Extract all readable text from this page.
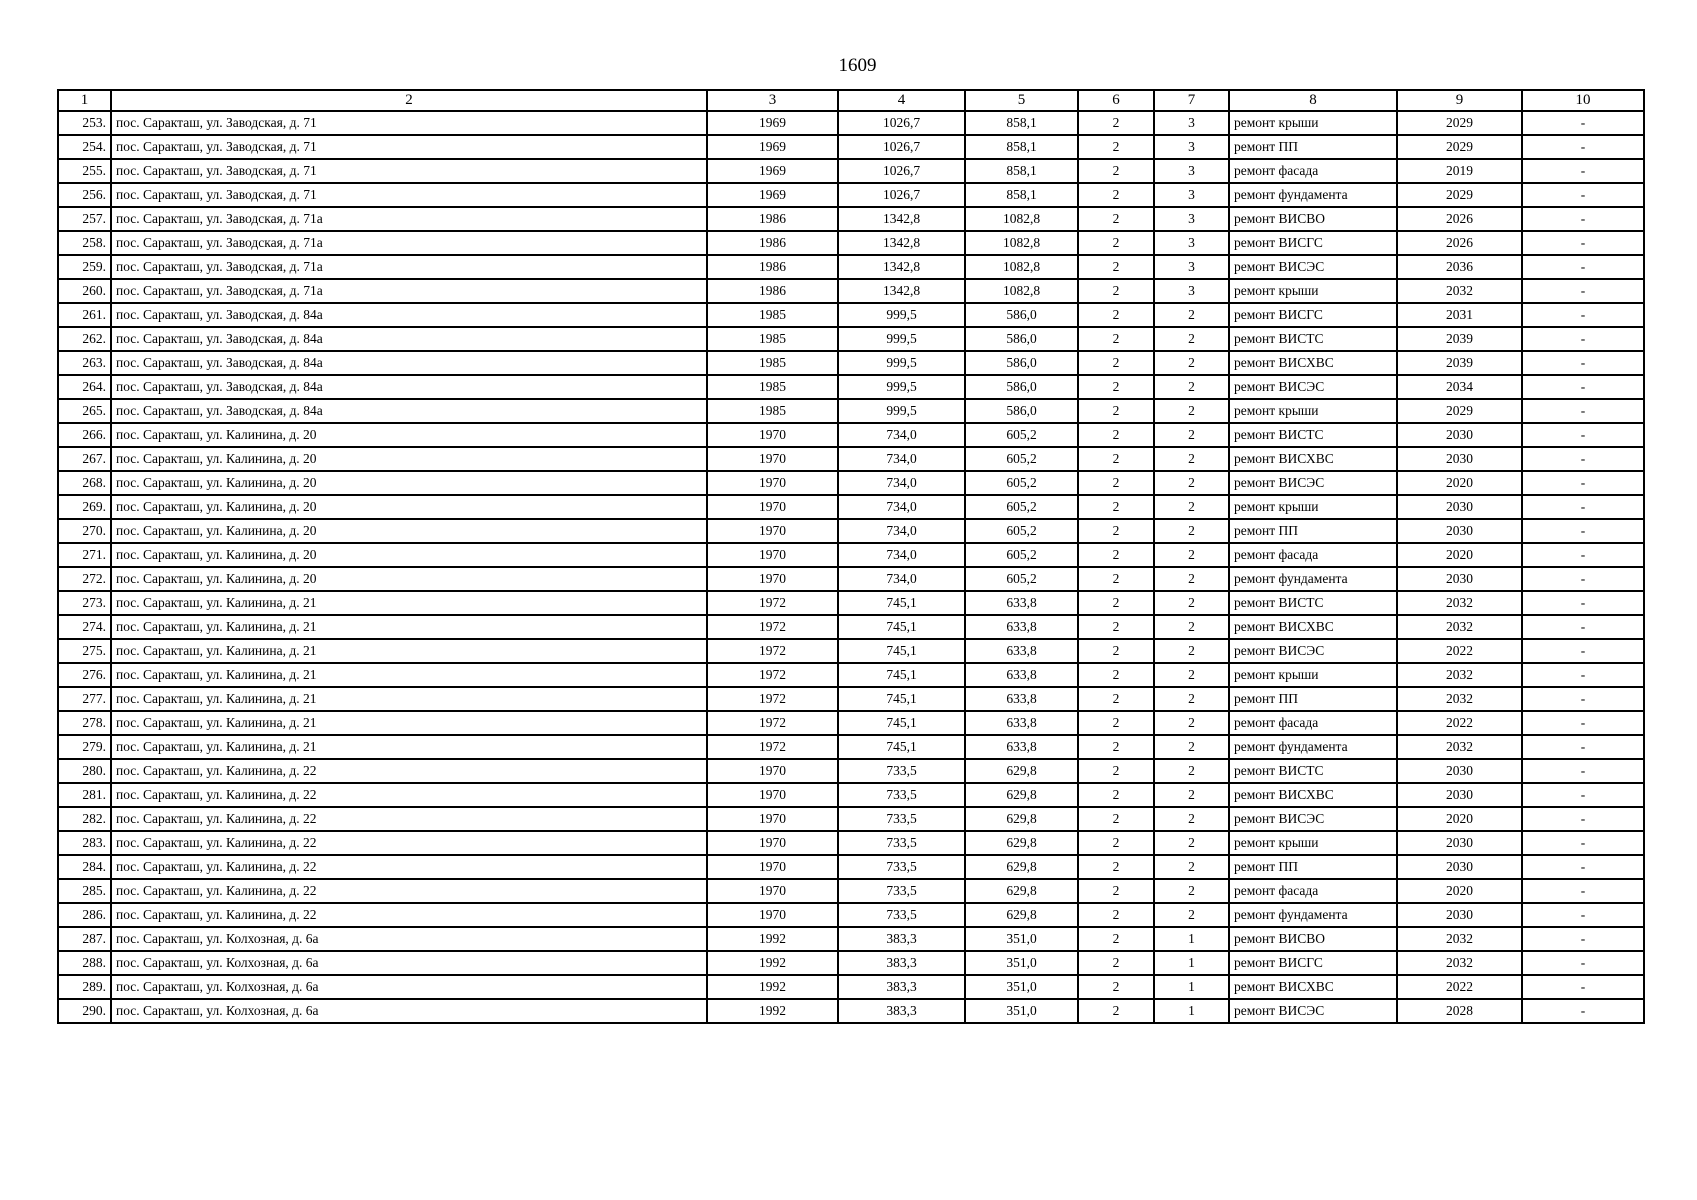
1609
1	2	3	4	5	6	7	8	9	10
253.	пос. Саракташ, ул. Заводская, д. 71	1969	1026,7	858,1	2	3	ремонт крыши	2029	-
254.	пос. Саракташ, ул. Заводская, д. 71	1969	1026,7	858,1	2	3	ремонт ПП	2029	-
255.	пос. Саракташ, ул. Заводская, д. 71	1969	1026,7	858,1	2	3	ремонт фасада	2019	-
256.	пос. Саракташ, ул. Заводская, д. 71	1969	1026,7	858,1	2	3	ремонт фундамента	2029	-
257.	пос. Саракташ, ул. Заводская, д. 71а	1986	1342,8	1082,8	2	3	ремонт ВИСВО	2026	-
258.	пос. Саракташ, ул. Заводская, д. 71а	1986	1342,8	1082,8	2	3	ремонт ВИСГС	2026	-
259.	пос. Саракташ, ул. Заводская, д. 71а	1986	1342,8	1082,8	2	3	ремонт ВИСЭС	2036	-
260.	пос. Саракташ, ул. Заводская, д. 71а	1986	1342,8	1082,8	2	3	ремонт крыши	2032	-
261.	пос. Саракташ, ул. Заводская, д. 84а	1985	999,5	586,0	2	2	ремонт ВИСГС	2031	-
262.	пос. Саракташ, ул. Заводская, д. 84а	1985	999,5	586,0	2	2	ремонт ВИСТС	2039	-
263.	пос. Саракташ, ул. Заводская, д. 84а	1985	999,5	586,0	2	2	ремонт ВИСХВС	2039	-
264.	пос. Саракташ, ул. Заводская, д. 84а	1985	999,5	586,0	2	2	ремонт ВИСЭС	2034	-
265.	пос. Саракташ, ул. Заводская, д. 84а	1985	999,5	586,0	2	2	ремонт крыши	2029	-
266.	пос. Саракташ, ул. Калинина, д. 20	1970	734,0	605,2	2	2	ремонт ВИСТС	2030	-
267.	пос. Саракташ, ул. Калинина, д. 20	1970	734,0	605,2	2	2	ремонт ВИСХВС	2030	-
268.	пос. Саракташ, ул. Калинина, д. 20	1970	734,0	605,2	2	2	ремонт ВИСЭС	2020	-
269.	пос. Саракташ, ул. Калинина, д. 20	1970	734,0	605,2	2	2	ремонт крыши	2030	-
270.	пос. Саракташ, ул. Калинина, д. 20	1970	734,0	605,2	2	2	ремонт ПП	2030	-
271.	пос. Саракташ, ул. Калинина, д. 20	1970	734,0	605,2	2	2	ремонт фасада	2020	-
272.	пос. Саракташ, ул. Калинина, д. 20	1970	734,0	605,2	2	2	ремонт фундамента	2030	-
273.	пос. Саракташ, ул. Калинина, д. 21	1972	745,1	633,8	2	2	ремонт ВИСТС	2032	-
274.	пос. Саракташ, ул. Калинина, д. 21	1972	745,1	633,8	2	2	ремонт ВИСХВС	2032	-
275.	пос. Саракташ, ул. Калинина, д. 21	1972	745,1	633,8	2	2	ремонт ВИСЭС	2022	-
276.	пос. Саракташ, ул. Калинина, д. 21	1972	745,1	633,8	2	2	ремонт крыши	2032	-
277.	пос. Саракташ, ул. Калинина, д. 21	1972	745,1	633,8	2	2	ремонт ПП	2032	-
278.	пос. Саракташ, ул. Калинина, д. 21	1972	745,1	633,8	2	2	ремонт фасада	2022	-
279.	пос. Саракташ, ул. Калинина, д. 21	1972	745,1	633,8	2	2	ремонт фундамента	2032	-
280.	пос. Саракташ, ул. Калинина, д. 22	1970	733,5	629,8	2	2	ремонт ВИСТС	2030	-
281.	пос. Саракташ, ул. Калинина, д. 22	1970	733,5	629,8	2	2	ремонт ВИСХВС	2030	-
282.	пос. Саракташ, ул. Калинина, д. 22	1970	733,5	629,8	2	2	ремонт ВИСЭС	2020	-
283.	пос. Саракташ, ул. Калинина, д. 22	1970	733,5	629,8	2	2	ремонт крыши	2030	-
284.	пос. Саракташ, ул. Калинина, д. 22	1970	733,5	629,8	2	2	ремонт ПП	2030	-
285.	пос. Саракташ, ул. Калинина, д. 22	1970	733,5	629,8	2	2	ремонт фасада	2020	-
286.	пос. Саракташ, ул. Калинина, д. 22	1970	733,5	629,8	2	2	ремонт фундамента	2030	-
287.	пос. Саракташ, ул. Колхозная, д. 6а	1992	383,3	351,0	2	1	ремонт ВИСВО	2032	-
288.	пос. Саракташ, ул. Колхозная, д. 6а	1992	383,3	351,0	2	1	ремонт ВИСГС	2032	-
289.	пос. Саракташ, ул. Колхозная, д. 6а	1992	383,3	351,0	2	1	ремонт ВИСХВС	2022	-
290.	пос. Саракташ, ул. Колхозная, д. 6а	1992	383,3	351,0	2	1	ремонт ВИСЭС	2028	-
